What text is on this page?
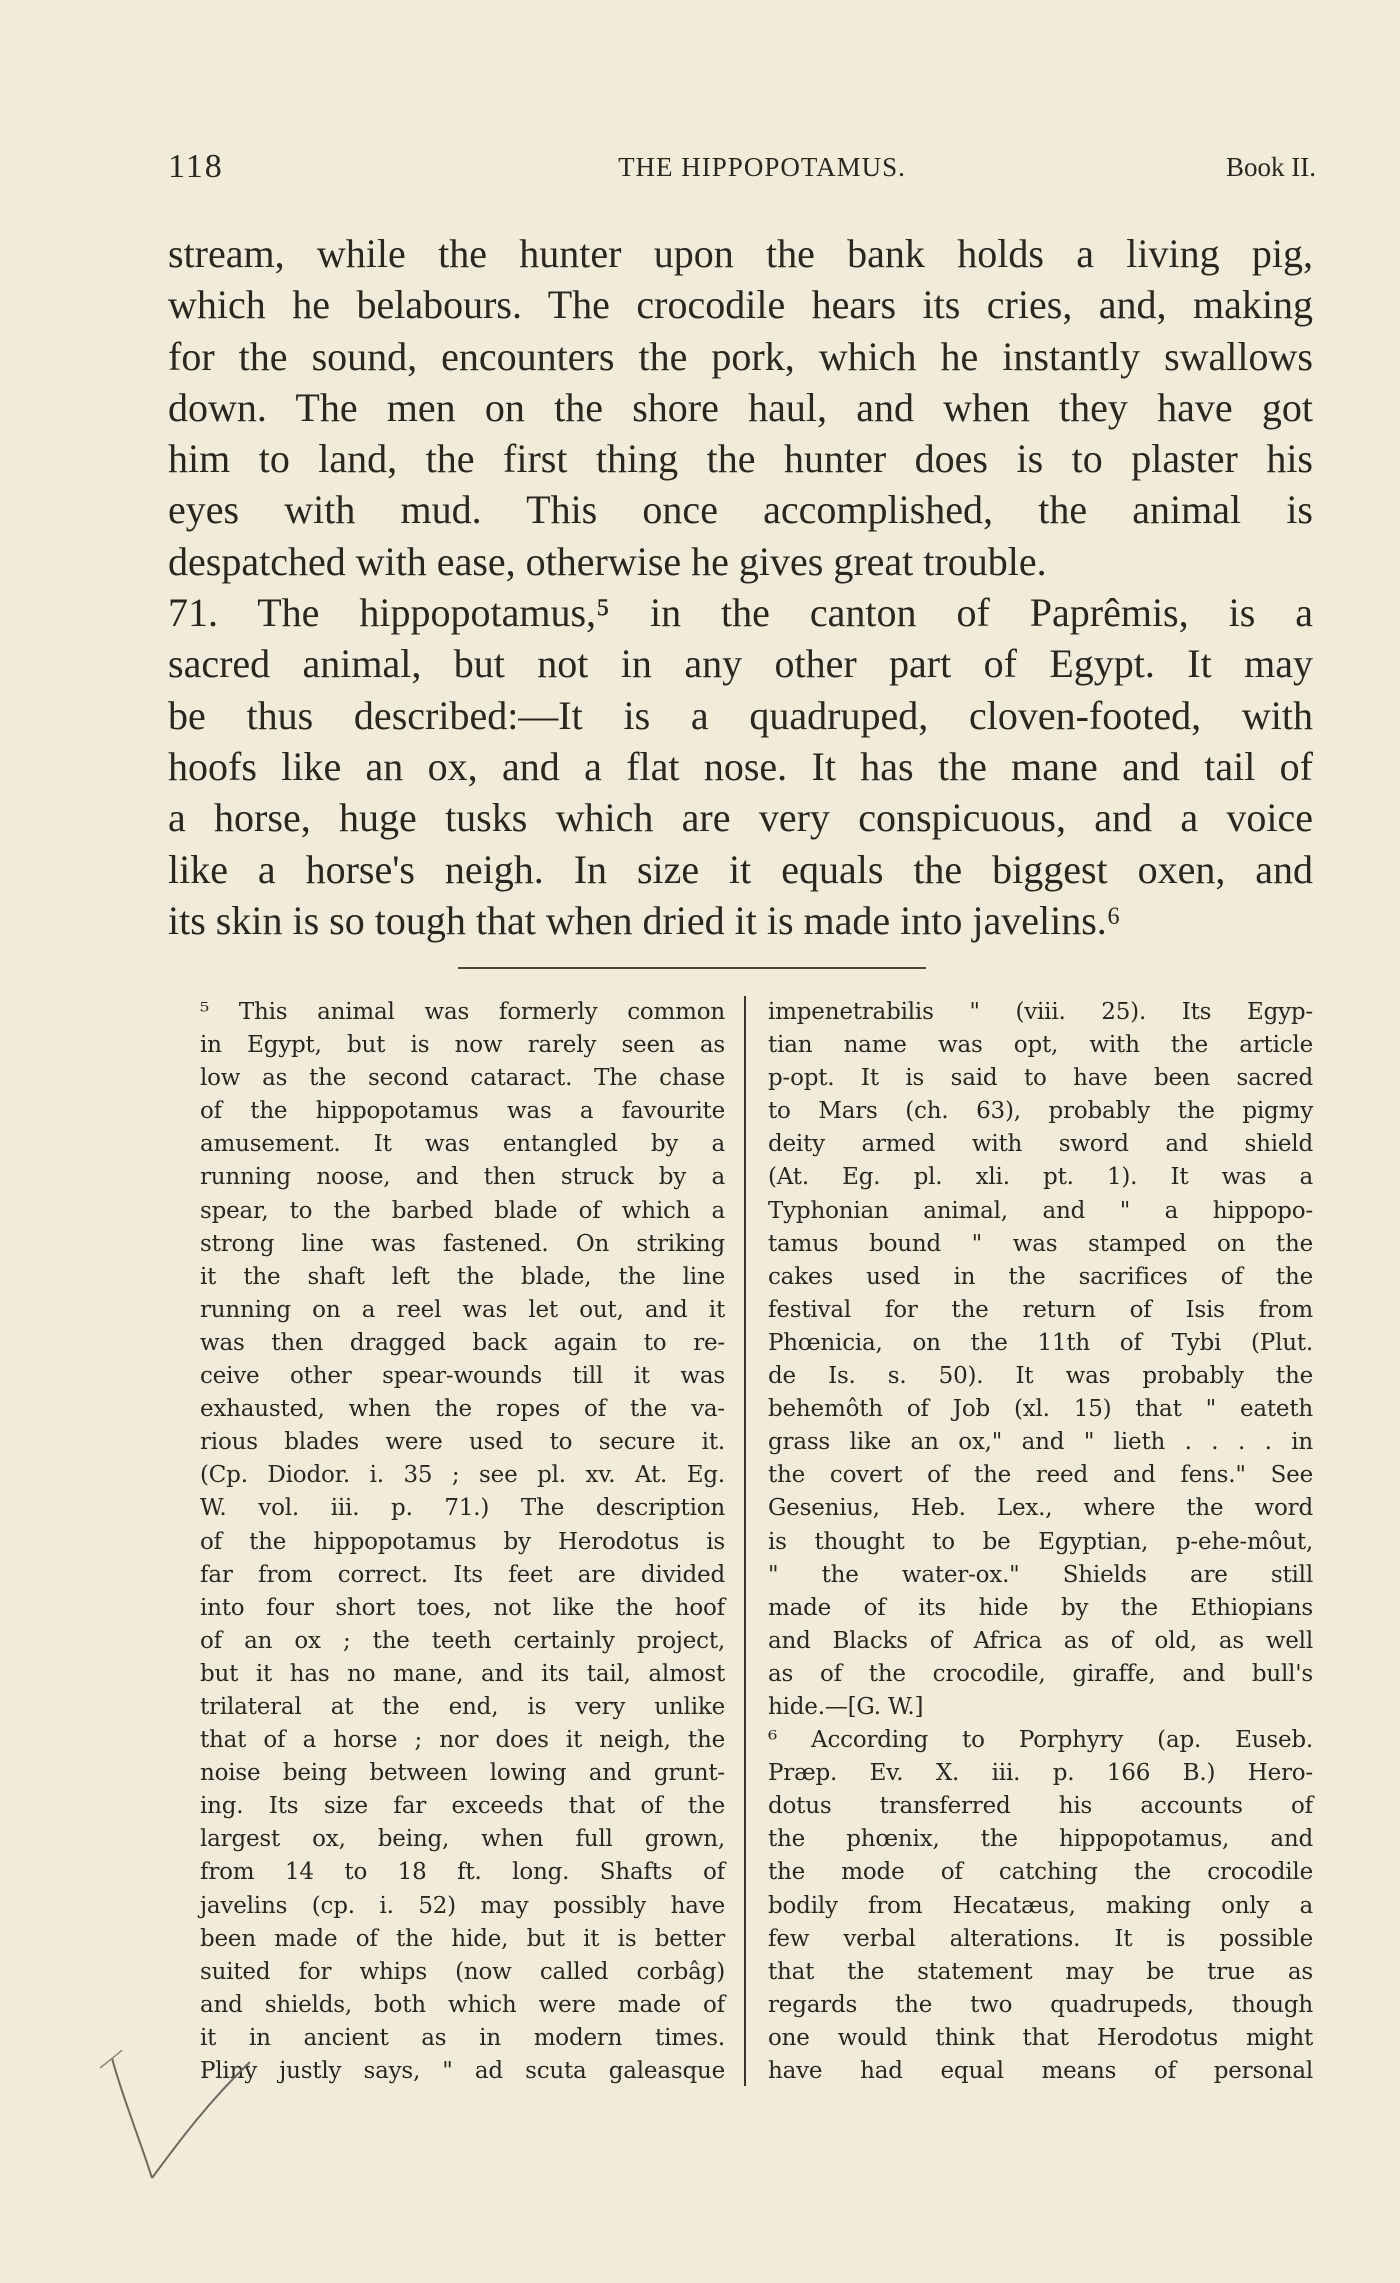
118	THE HIPPOPOTAMUS.	Book II.
stream, while the hunter upon the bank holds a living pig,
which he belabours. The crocodile hears its cries, and, making
for the sound, encounters the pork, which he instantly swallows
down. The men on the shore haul, and when they have got
him to land, the first thing the hunter does is to plaster his
eyes with mud. This once accomplished, the animal is
despatched with ease, otherwise he gives great trouble.
71. The hippopotamus,⁵ in the canton of Paprêmis, is a
sacred animal, but not in any other part of Egypt. It may
be thus described:—It is a quadruped, cloven-footed, with
hoofs like an ox, and a flat nose. It has the mane and tail of
a horse, huge tusks which are very conspicuous, and a voice
like a horse's neigh. In size it equals the biggest oxen, and
its skin is so tough that when dried it is made into javelins.⁶
⁵ This animal was formerly common
in Egypt, but is now rarely seen as
low as the second cataract. The chase
of the hippopotamus was a favourite
amusement. It was entangled by a
running noose, and then struck by a
spear, to the barbed blade of which a
strong line was fastened. On striking
it the shaft left the blade, the line
running on a reel was let out, and it
was then dragged back again to re-
ceive other spear-wounds till it was
exhausted, when the ropes of the va-
rious blades were used to secure it.
(Cp. Diodor. i. 35 ; see pl. xv. At. Eg.
W. vol. iii. p. 71.) The description
of the hippopotamus by Herodotus is
far from correct. Its feet are divided
into four short toes, not like the hoof
of an ox ; the teeth certainly project,
but it has no mane, and its tail, almost
trilateral at the end, is very unlike
that of a horse ; nor does it neigh, the
noise being between lowing and grunt-
ing. Its size far exceeds that of the
largest ox, being, when full grown,
from 14 to 18 ft. long. Shafts of
javelins (cp. i. 52) may possibly have
been made of the hide, but it is better
suited for whips (now called corbâg)
and shields, both which were made of
it in ancient as in modern times.
Pliny justly says, " ad scuta galeasque
impenetrabilis " (viii. 25). Its Egyp-
tian name was opt, with the article
p-opt. It is said to have been sacred
to Mars (ch. 63), probably the pigmy
deity armed with sword and shield
(At. Eg. pl. xli. pt. 1). It was a
Typhonian animal, and " a hippopo-
tamus bound " was stamped on the
cakes used in the sacrifices of the
festival for the return of Isis from
Phœnicia, on the 11th of Tybi (Plut.
de Is. s. 50). It was probably the
behemôth of Job (xl. 15) that " eateth
grass like an ox," and " lieth . . . . in
the covert of the reed and fens." See
Gesenius, Heb. Lex., where the word
is thought to be Egyptian, p-ehe-môut,
" the water-ox." Shields are still
made of its hide by the Ethiopians
and Blacks of Africa as of old, as well
as of the crocodile, giraffe, and bull's
hide.—[G. W.]
⁶ According to Porphyry (ap. Euseb.
Præp. Ev. X. iii. p. 166 B.) Hero-
dotus transferred his accounts of
the phœnix, the hippopotamus, and
the mode of catching the crocodile
bodily from Hecatæus, making only a
few verbal alterations. It is possible
that the statement may be true as
regards the two quadrupeds, though
one would think that Herodotus might
have had equal means of personal
